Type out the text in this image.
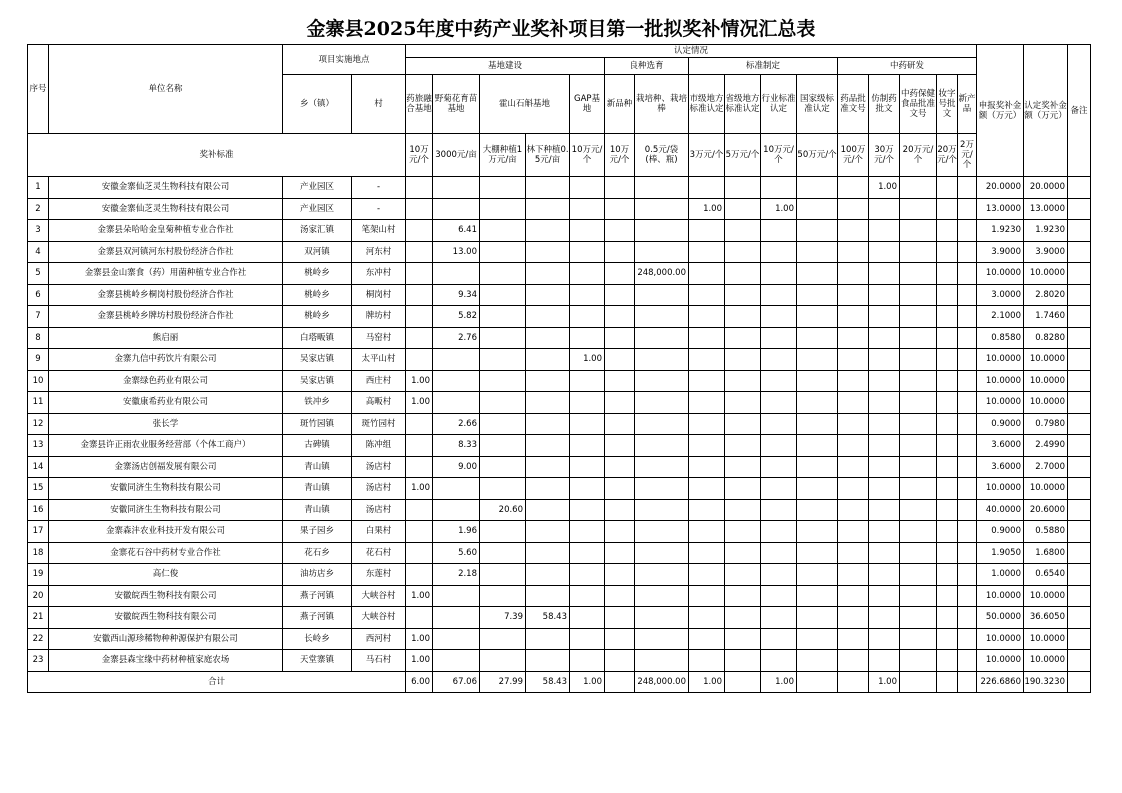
金寨县2025年度中药产业奖补项目第一批拟奖补情况汇总表
序号	单位名称	项目实施地点		认定情况																申报奖补金额（万元）	认定奖补金额（万元）	备注
				基地建设					良种选育		标准制定				中药研发							
		乡（镇）	村	药旅融合基地	野菊花育苗基地	霍山石斛基地		GAP基地	新品种	栽培种、栽培棒	市级地方标准认定	省级地方标准认定	行业标准认定	国家级标准认定	药品批准文号	仿制药批文	中药保健食品批准文号	妆字号批文	新产品			
奖补标准				10万元/个	3000元/亩	大棚种植1万元/亩	林下种植0.5元/亩	10万元/个	10万元/个	0.5元/袋(棒、瓶)	3万元/个	5万元/个	10万元/个	50万元/个	100万元/个	30万元/个	20万元/个	20万元/个	2万元/个			
1	安徽金寨仙芝灵生物科技有限公司	产业园区	-													1.00				20.0000	20.0000	
2	安徽金寨仙芝灵生物科技有限公司	产业园区	-								1.00		1.00							13.0000	13.0000	
3	金寨县朵哈哈金皇菊种植专业合作社	汤家汇镇	笔架山村		6.41															1.9230	1.9230	
4	金寨县双河镇河东村股份经济合作社	双河镇	河东村		13.00															3.9000	3.9000	
5	金寨县金山寨食（药）用菌种植专业合作社	桃岭乡	东冲村							248,000.00										10.0000	10.0000	
6	金寨县桃岭乡桐岗村股份经济合作社	桃岭乡	桐岗村		9.34															3.0000	2.8020	
7	金寨县桃岭乡牌坊村股份经济合作社	桃岭乡	牌坊村		5.82															2.1000	1.7460	
8	熊启丽	白塔畈镇	马窑村		2.76															0.8580	0.8280	
9	金寨九信中药饮片有限公司	吴家店镇	太平山村					1.00												10.0000	10.0000	
10	金寨绿色药业有限公司	吴家店镇	西庄村	1.00																10.0000	10.0000	
11	安徽康希药业有限公司	铁冲乡	高畈村	1.00																10.0000	10.0000	
12	张长学	斑竹园镇	斑竹园村		2.66															0.9000	0.7980	
13	金寨县许正雨农业服务经营部（个体工商户）	古碑镇	陈冲组		8.33															3.6000	2.4990	
14	金寨汤店创福发展有限公司	青山镇	汤店村		9.00															3.6000	2.7000	
15	安徽同济生生物科技有限公司	青山镇	汤店村	1.00																10.0000	10.0000	
16	安徽同济生生物科技有限公司	青山镇	汤店村			20.60														40.0000	20.6000	
17	金寨森沣农业科技开发有限公司	果子园乡	白果村		1.96															0.9000	0.5880	
18	金寨花石谷中药材专业合作社	花石乡	花石村		5.60															1.9050	1.6800	
19	高仁俊	油坊店乡	东莲村		2.18															1.0000	0.6540	
20	安徽皖西生物科技有限公司	燕子河镇	大峡谷村	1.00																10.0000	10.0000	
21	安徽皖西生物科技有限公司	燕子河镇	大峡谷村			7.39	58.43													50.0000	36.6050	
22	安徽西山源珍稀物种种源保护有限公司	长岭乡	西河村	1.00																10.0000	10.0000	
23	金寨县森宝缘中药材种植家庭农场	天堂寨镇	马石村	1.00																10.0000	10.0000	
合计				6.00	67.06	27.99	58.43	1.00		248,000.00	1.00		1.00			1.00				226.6860	190.3230	
